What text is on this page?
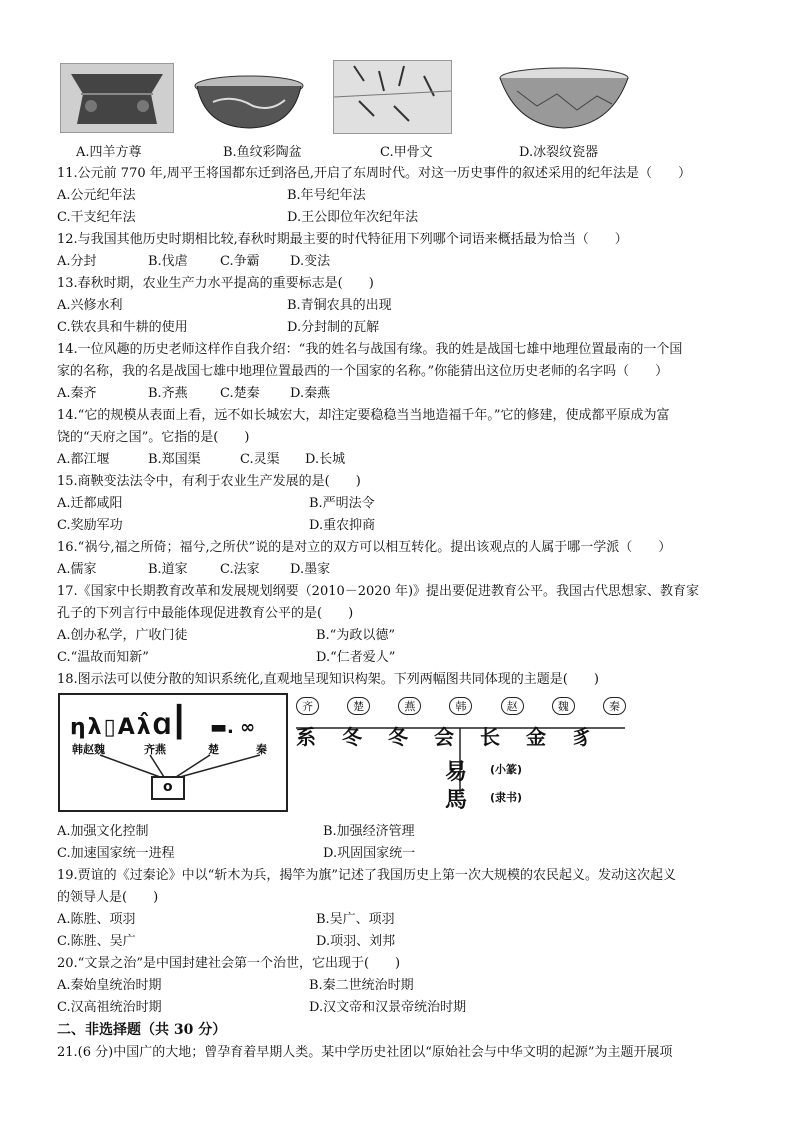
A.四羊方尊	B.鱼纹彩陶盆	C.甲骨文	D.冰裂纹瓷器
11.公元前 770 年,周平王将国都东迁到洛邑,开启了东周时代。对这一历史事件的叙述采用的纪年法是（　　）
A.公元纪年法	B.年号纪年法
C.干支纪年法	D.王公即位年次纪年法
12.与我国其他历史时期相比较,春秋时期最主要的时代特征用下列哪个词语来概括最为恰当（　　）
A.分封	B.伐虐 C.争霸 D.变法
13.春秋时期，农业生产力水平提高的重要标志是(　　)
A.兴修水利	B.青铜农具的出现
C.铁农具和牛耕的使用	D.分封制的瓦解
14.一位风趣的历史老师这样作自我介绍：“我的姓名与战国有缘。我的姓是战国七雄中地理位置最南的一个国
家的名称，我的名是战国七雄中地理位置最西的一个国家的名称。”你能猜出这位历史老师的名字吗（　　）
A.秦齐	B.齐燕 C.楚秦 D.秦燕
14.“它的规模从表面上看，远不如长城宏大，却注定要稳稳当当地造福千年。”它的修建，使成都平原成为富
饶的“天府之国”。它指的是(　　)
A.都江堰	B.郑国渠	C.灵渠 D.长城
15.商鞅变法法令中，有利于农业生产发展的是(　　)
A.迁都咸阳	B.严明法令
C.奖励军功	D.重农抑商
16.“祸兮,福之所倚；福兮,之所伏”说的是对立的双方可以相互转化。提出该观点的人属于哪一学派（　　）
A.儒家	B.道家 C.法家 D.墨家
17.《国家中长期教育改革和发展规划纲要（2010－2020 年)》提出要促进教育公平。我国古代思想家、教育家
孔子的下列言行中最能体现促进教育公平的是(　　)
A.创办私学，广收门徒	B.“为政以德”
C.“温故而知新”	D.“仁者爱人”
18.图示法可以使分散的知识系统化,直观地呈现知识构架。下列两幅图共同体现的主题是(　　)
ηλ▯Aλ̂Ɑ
┃ ▬. ∞
韩赵魏	齐燕	楚	秦
o
齐	楚	燕	韩	赵	魏	秦
系冬冬会长金豸
易 (小篆)
馬 (隶书)
A.加强文化控制	B.加强经济管理
C.加速国家统一进程	D.巩固国家统一
19.贾谊的《过秦论》中以“斩木为兵，揭竿为旗”记述了我国历史上第一次大规模的农民起义。发动这次起义
的领导人是(　　)
A.陈胜、项羽	B.吴广、项羽
C.陈胜、吴广	D.项羽、刘邦
20.“文景之治”是中国封建社会第一个治世，它出现于(　　)
A.秦始皇统治时期	B.秦二世统治时期
C.汉高祖统治时期	D.汉文帝和汉景帝统治时期
二、非选择题（共 30 分）
21.(6 分)中国广的大地；曾孕育着早期人类。某中学历史社团以“原始社会与中华文明的起源”为主题开展项
